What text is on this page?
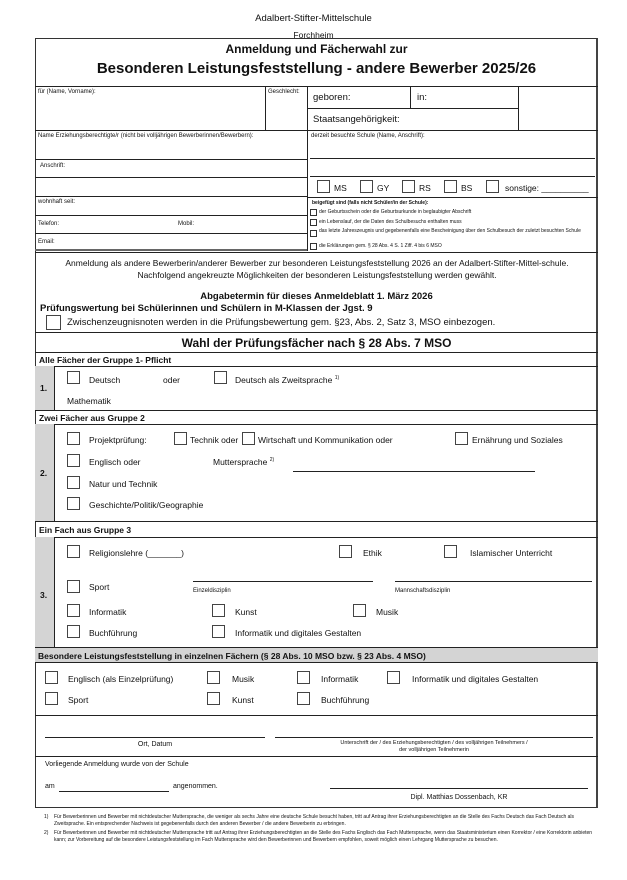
Adalbert-Stifter-Mittelschule
Forchheim
Anmeldung und Fächerwahl zur
Besonderen Leistungsfeststellung - andere Bewerber 2025/26
für (Name, Vorname):	Geschlecht: geboren:	in:
Staatsangehörigkeit:
Name Erziehungsberechtigte/r (nicht bei volljährigen Bewerberinnen/Bewerbern):
Anschrift:
wohnhaft seit:
Telefon:	Mobil:
Email:
derzeit besuchte Schule (Name, Anschrift):
MS	GY	RS	BS	sonstige: __________
beigefügt sind (falls nicht Schüler/in der Schule):
der Geburtsschein oder die Geburtsurkunde in beglaubigter Abschrift
ein Lebenslauf, der die Daten des Schulbesuchs enthalten muss
das letzte Jahreszeugnis und gegebenenfalls eine Bescheinigung über den Schulbesuch der zuletzt besuchten Schule
die Erklärungen gem. § 28 Abs. 4 S. 1 Ziff. 4 bis 6 MSO
Anmeldung als andere Bewerberin/anderer Bewerber zur besonderen Leistungsfeststellung 2026 an der Adalbert-Stifter-Mittel-schule. Nachfolgend angekreuzte Möglichkeiten der besonderen Leistungsfeststellung werden gewählt.
Abgabetermin für dieses Anmeldeblatt 1. März 2026
Prüfungswertung bei Schülerinnen und Schülern in M-Klassen der Jgst. 9
Zwischenzeugnisnoten werden in die Prüfungsbewertung gem. §23, Abs. 2, Satz 3, MSO einbezogen.
Wahl der Prüfungsfächer nach § 28 Abs. 7 MSO
Alle Fächer der Gruppe 1- Pflicht
1.
Deutsch	oder	Deutsch als Zweitsprache $^{1)}$
Mathematik
Zwei Fächer aus Gruppe 2
2.
Projektprüfung:	Technik oder Wirtschaft und Kommunikation oder	Ernährung und Soziales
Englisch oder	Muttersprache $^{2)}$
Natur und Technik
Geschichte/Politik/Geographie
Ein Fach aus Gruppe 3
3.
Religionslehre (_______)	Ethik	Islamischer Unterricht
Sport	Einzeldisziplin	Mannschaftsdisziplin
Informatik	Kunst	Musik
Buchführung	Informatik und digitales Gestalten
Besondere Leistungsfeststellung in einzelnen Fächern (§ 28 Abs. 10 MSO bzw. § 23 Abs. 4 MSO)
Englisch (als Einzelprüfung)	Musik	Informatik	Informatik und digitales Gestalten
Sport	Kunst	Buchführung
Ort, Datum	Unterschrift der / des Erziehungsberechtigten / des volljährigen Teilnehmers /
der volljährigen Teilnehmerin
Vorliegende Anmeldung wurde von der Schule
am	angenommen.
Dipl. Matthias Dossenbach, KR
1) Für Bewerberinnen und Bewerber mit nichtdeutscher Muttersprache, die weniger als sechs Jahre eine deutsche Schule besucht haben, tritt auf Antrag ihrer Erziehungsberechtigten an die Stelle des Fachs Deutsch das Fach Deutsch als Zweitsprache. Ein entsprechender Nachweis ist gegebenenfalls durch den anderen Bewerber / die andere Bewerberin zu erbringen.
2) Für Bewerberinnen und Bewerber mit nichtdeutscher Muttersprache tritt auf Antrag ihrer Erziehungsberechtigten an die Stelle des Fachs Englisch das Fach Muttersprache, wenn das Staatsministerium einen Korrektor / eine Korrektorin anbieten kann; zur Vorbereitung auf die besondere Leistungsfeststellung im Fach Muttersprache wird den Bewerberinnen und Bewerbern empfohlen, soweit möglich einen Lehrgang Muttersprache zu besuchen.
